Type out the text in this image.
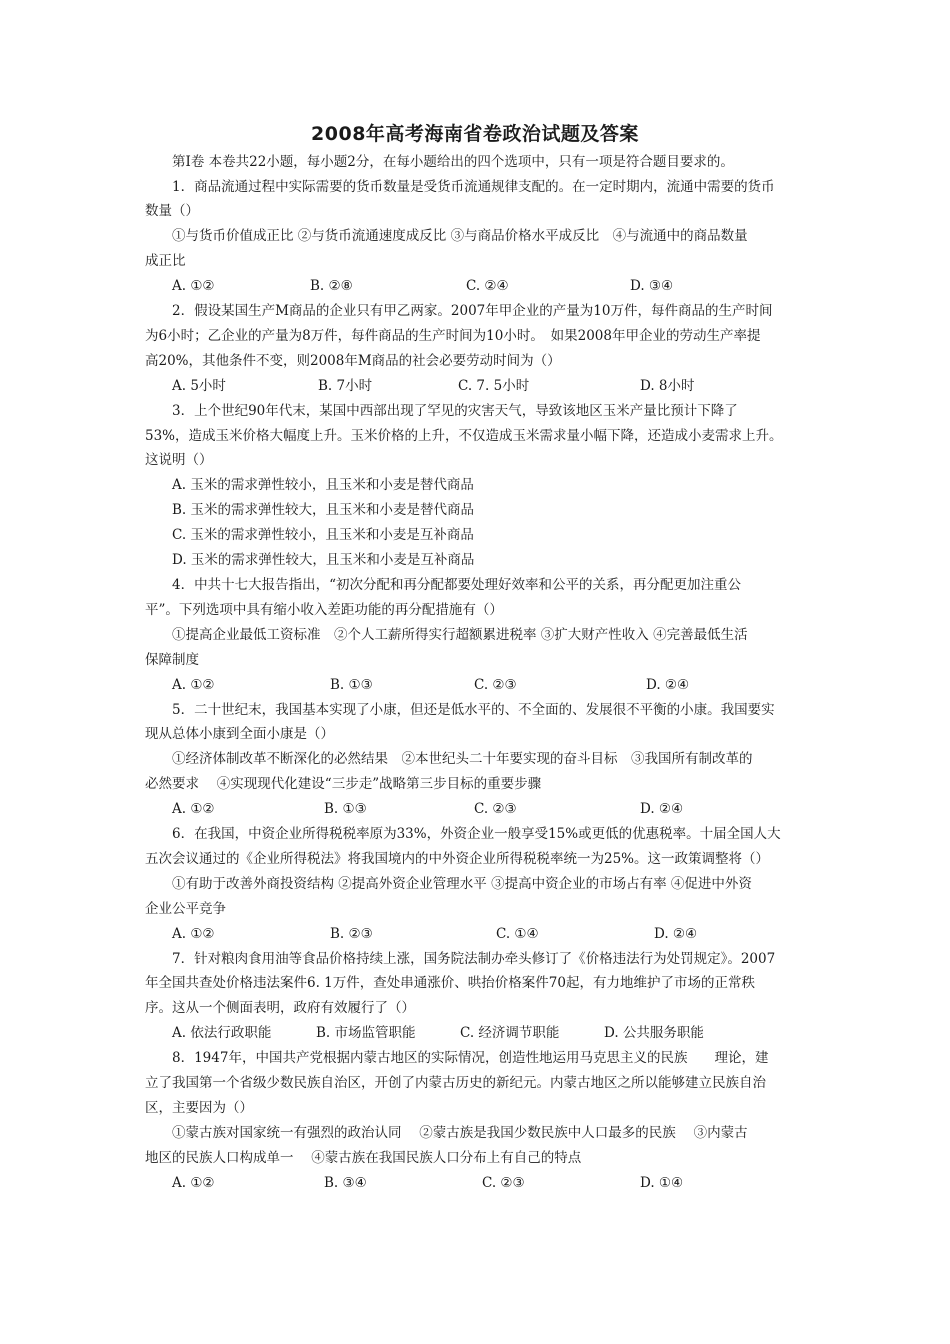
2008年高考海南省卷政治试题及答案
第Ⅰ卷 本卷共22小题，每小题2分，在每小题给出的四个选项中，只有一项是符合题目要求的。
1．商品流通过程中实际需要的货币数量是受货币流通规律支配的。在一定时期内，流通中需要的货币
数量（）
①与货币价值成正比 ②与货币流通速度成反比 ③与商品价格水平成反比　④与流通中的商品数量
成正比
A. ①②	B. ②⑧	C. ②④	D. ③④
2．假设某国生产M商品的企业只有甲乙两家。2007年甲企业的产量为10万件，每件商品的生产时间
为6小时；乙企业的产量为8万件，每件商品的生产时间为10小时。　如果2008年甲企业的劳动生产率提
高20%，其他条件不变，则2008年M商品的社会必要劳动时间为（）
A. 5小时	B. 7小时	C. 7. 5小时	D. 8小时
3．上个世纪90年代末，某国中西部出现了罕见的灾害天气，导致该地区玉米产量比预计下降了
53%，造成玉米价格大幅度上升。玉米价格的上升，不仅造成玉米需求量小幅下降，还造成小麦需求上升。
这说明（）
A. 玉米的需求弹性较小，且玉米和小麦是替代商品
B. 玉米的需求弹性较大，且玉米和小麦是替代商品
C. 玉米的需求弹性较小，且玉米和小麦是互补商品
D. 玉米的需求弹性较大，且玉米和小麦是互补商品
4．中共十七大报告指出，“初次分配和再分配都要处理好效率和公平的关系，再分配更加注重公
平”。下列选项中具有缩小收入差距功能的再分配措施有（）
①提高企业最低工资标准　②个人工薪所得实行超额累进税率 ③扩大财产性收入 ④完善最低生活
保障制度
A. ①②	B. ①③	C. ②③	D. ②④
5．二十世纪末，我国基本实现了小康，但还是低水平的、不全面的、发展很不平衡的小康。我国要实
现从总体小康到全面小康是（）
①经济体制改革不断深化的必然结果　②本世纪头二十年要实现的奋斗目标　③我国所有制改革的
必然要求　 ④实现现代化建设“三步走”战略第三步目标的重要步骤
A. ①②	B. ①③	C. ②③	D. ②④
6．在我国，中资企业所得税税率原为33%，外资企业一般享受15%或更低的优惠税率。十届全国人大
五次会议通过的《企业所得税法》将我国境内的中外资企业所得税税率统一为25%。这一政策调整将（）
①有助于改善外商投资结构 ②提高外资企业管理水平 ③提高中资企业的市场占有率 ④促进中外资
企业公平竞争
A. ①②	B. ②③	C. ①④	D. ②④
7．针对粮肉食用油等食品价格持续上涨，国务院法制办牵头修订了《价格违法行为处罚规定》。2007
年全国共查处价格违法案件6. 1万件，查处串通涨价、哄抬价格案件70起，有力地维护了市场的正常秩
序。这从一个侧面表明，政府有效履行了（）
A. 依法行政职能	B. 市场监管职能	C. 经济调节职能	D. 公共服务职能
8．1947年，中国共产党根据内蒙古地区的实际情况，创造性地运用马克思主义的民族　　理论，建
立了我国第一个省级少数民族自治区，开创了内蒙古历史的新纪元。内蒙古地区之所以能够建立民族自治
区，主要因为（）
①蒙古族对国家统一有强烈的政治认同　 ②蒙古族是我国少数民族中人口最多的民族　 ③内蒙古
地区的民族人口构成单一　 ④蒙古族在我国民族人口分布上有自己的特点
A. ①②	B. ③④	C. ②③	D. ①④
